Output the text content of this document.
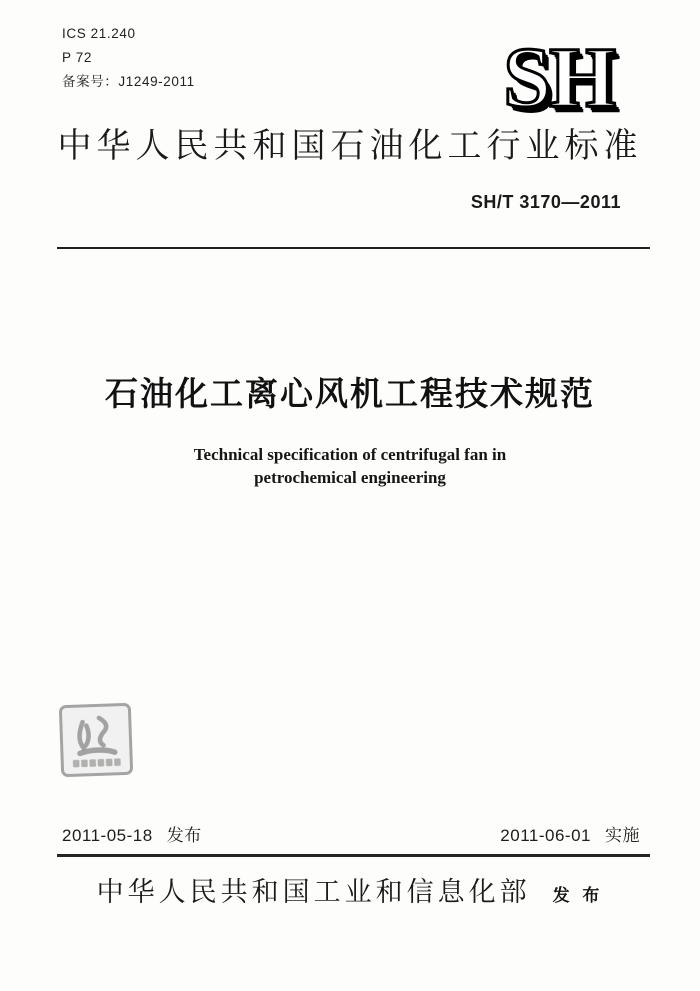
ICS 21.240
P 72
备案号：J1249-2011	SH
中华人民共和国石油化工行业标准
SH/T 3170—2011
石油化工离心风机工程技术规范
Technical specification of centrifugal fan in
petrochemical engineering
2011-05-18 发布	2011-06-01 实施
中华人民共和国工业和信息化部 发 布
